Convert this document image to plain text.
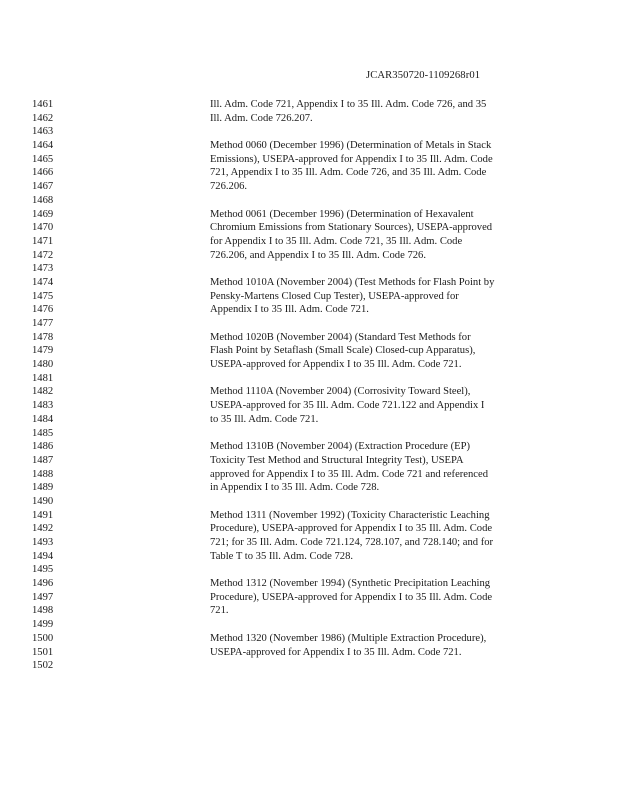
JCAR350720-1109268r01
1461	Ill. Adm. Code 721, Appendix I to 35 Ill. Adm. Code 726, and 35
1462	Ill. Adm. Code 726.207.
1463
1464	Method 0060 (December 1996) (Determination of Metals in Stack
1465	Emissions), USEPA-approved for Appendix I to 35 Ill. Adm. Code
1466	721, Appendix I to 35 Ill. Adm. Code 726, and 35 Ill. Adm. Code
1467	726.206.
1468
1469	Method 0061 (December 1996) (Determination of Hexavalent
1470	Chromium Emissions from Stationary Sources), USEPA-approved
1471	for Appendix I to 35 Ill. Adm. Code 721, 35 Ill. Adm. Code
1472	726.206, and Appendix I to 35 Ill. Adm. Code 726.
1473
1474	Method 1010A (November 2004) (Test Methods for Flash Point by
1475	Pensky-Martens Closed Cup Tester), USEPA-approved for
1476	Appendix I to 35 Ill. Adm. Code 721.
1477
1478	Method 1020B (November 2004) (Standard Test Methods for
1479	Flash Point by Setaflash (Small Scale) Closed-cup Apparatus),
1480	USEPA-approved for Appendix I to 35 Ill. Adm. Code 721.
1481
1482	Method 1110A (November 2004) (Corrosivity Toward Steel),
1483	USEPA-approved for 35 Ill. Adm. Code 721.122 and Appendix I
1484	to 35 Ill. Adm. Code 721.
1485
1486	Method 1310B (November 2004) (Extraction Procedure (EP)
1487	Toxicity Test Method and Structural Integrity Test), USEPA
1488	approved for Appendix I to 35 Ill. Adm. Code 721 and referenced
1489	in Appendix I to 35 Ill. Adm. Code 728.
1490
1491	Method 1311 (November 1992) (Toxicity Characteristic Leaching
1492	Procedure), USEPA-approved for Appendix I to 35 Ill. Adm. Code
1493	721; for 35 Ill. Adm. Code 721.124, 728.107, and 728.140; and for
1494	Table T to 35 Ill. Adm. Code 728.
1495
1496	Method 1312 (November 1994) (Synthetic Precipitation Leaching
1497	Procedure), USEPA-approved for Appendix I to 35 Ill. Adm. Code
1498	721.
1499
1500	Method 1320 (November 1986) (Multiple Extraction Procedure),
1501	USEPA-approved for Appendix I to 35 Ill. Adm. Code 721.
1502
